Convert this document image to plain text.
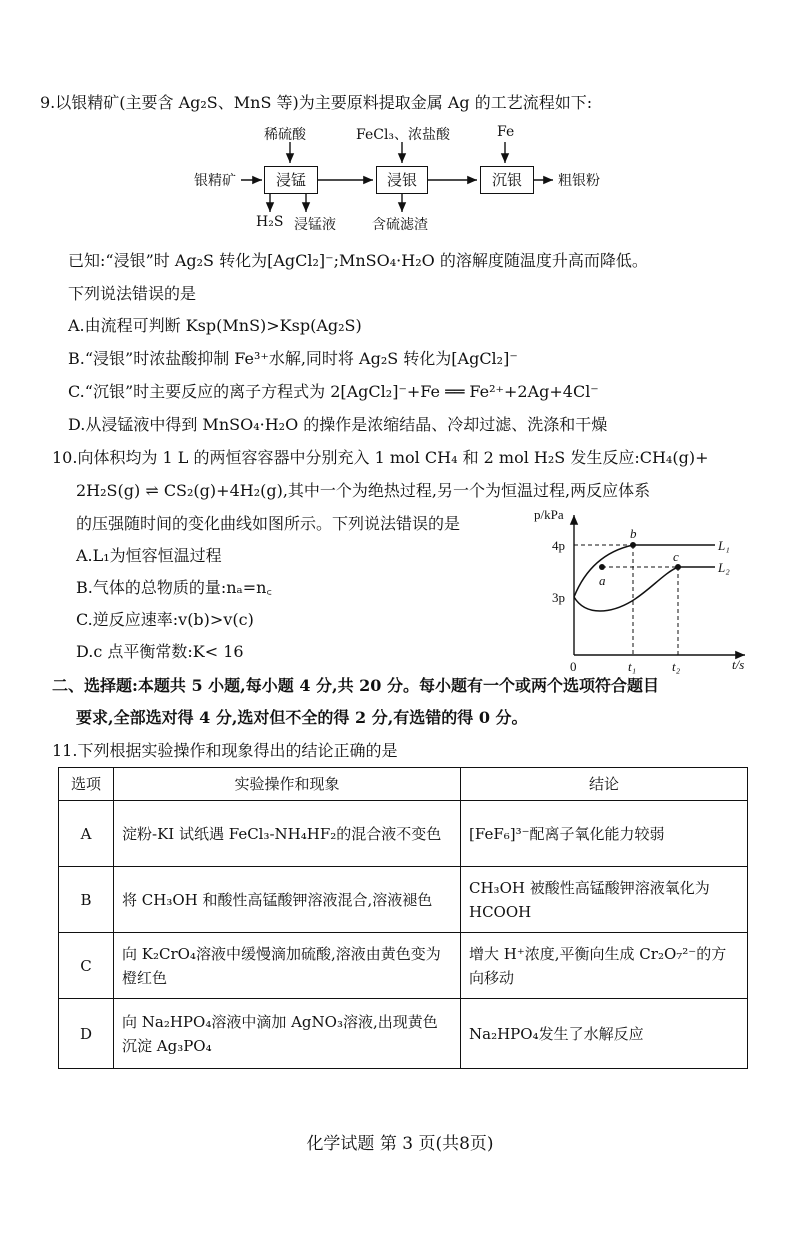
9.以银精矿(主要含 Ag₂S、MnS 等)为主要原料提取金属 Ag 的工艺流程如下:
银精矿	浸锰	浸银	沉银	粗银粉
稀硫酸	FeCl₃、浓盐酸	Fe
H₂S 浸锰液	含硫滤渣
已知:“浸银”时 Ag₂S 转化为[AgCl₂]⁻;MnSO₄·H₂O 的溶解度随温度升高而降低。
下列说法错误的是
A.由流程可判断 Ksp(MnS)>Ksp(Ag₂S)
B.“浸银”时浓盐酸抑制 Fe³⁺水解,同时将 Ag₂S 转化为[AgCl₂]⁻
C.“沉银”时主要反应的离子方程式为 2[AgCl₂]⁻+Fe ══ Fe²⁺+2Ag+4Cl⁻
D.从浸锰液中得到 MnSO₄·H₂O 的操作是浓缩结晶、冷却过滤、洗涤和干燥
10.向体积均为 1 L 的两恒容容器中分别充入 1 mol CH₄ 和 2 mol H₂S 发生反应:CH₄(g)+
2H₂S(g) ⇌ CS₂(g)+4H₂(g),其中一个为绝热过程,另一个为恒温过程,两反应体系
的压强随时间的变化曲线如图所示。下列说法错误的是
A.L₁为恒容恒温过程
B.气体的总物质的量:nₐ=n꜀
C.逆反应速率:v(b)>v(c)
D.c 点平衡常数:K< 16
p/kPa
4p
3p
0	t₁	t₂	t/s
a
b
c
L₁
L₂
二、选择题:本题共 5 小题,每小题 4 分,共 20 分。每小题有一个或两个选项符合题目
要求,全部选对得 4 分,选对但不全的得 2 分,有选错的得 0 分。
11.下列根据实验操作和现象得出的结论正确的是
选项	实验操作和现象	结论
A	淀粉-KI 试纸遇 FeCl₃-NH₄HF₂的混合液不变色	[FeF₆]³⁻配离子氧化能力较弱
B	将 CH₃OH 和酸性高锰酸钾溶液混合,溶液褪色	CH₃OH 被酸性高锰酸钾溶液氧化为 HCOOH
C	向 K₂CrO₄溶液中缓慢滴加硫酸,溶液由黄色变为橙红色	增大 H⁺浓度,平衡向生成 Cr₂O₇²⁻的方向移动
D	向 Na₂HPO₄溶液中滴加 AgNO₃溶液,出现黄色沉淀 Ag₃PO₄	Na₂HPO₄发生了水解反应
化学试题 第 3 页(共8页)
